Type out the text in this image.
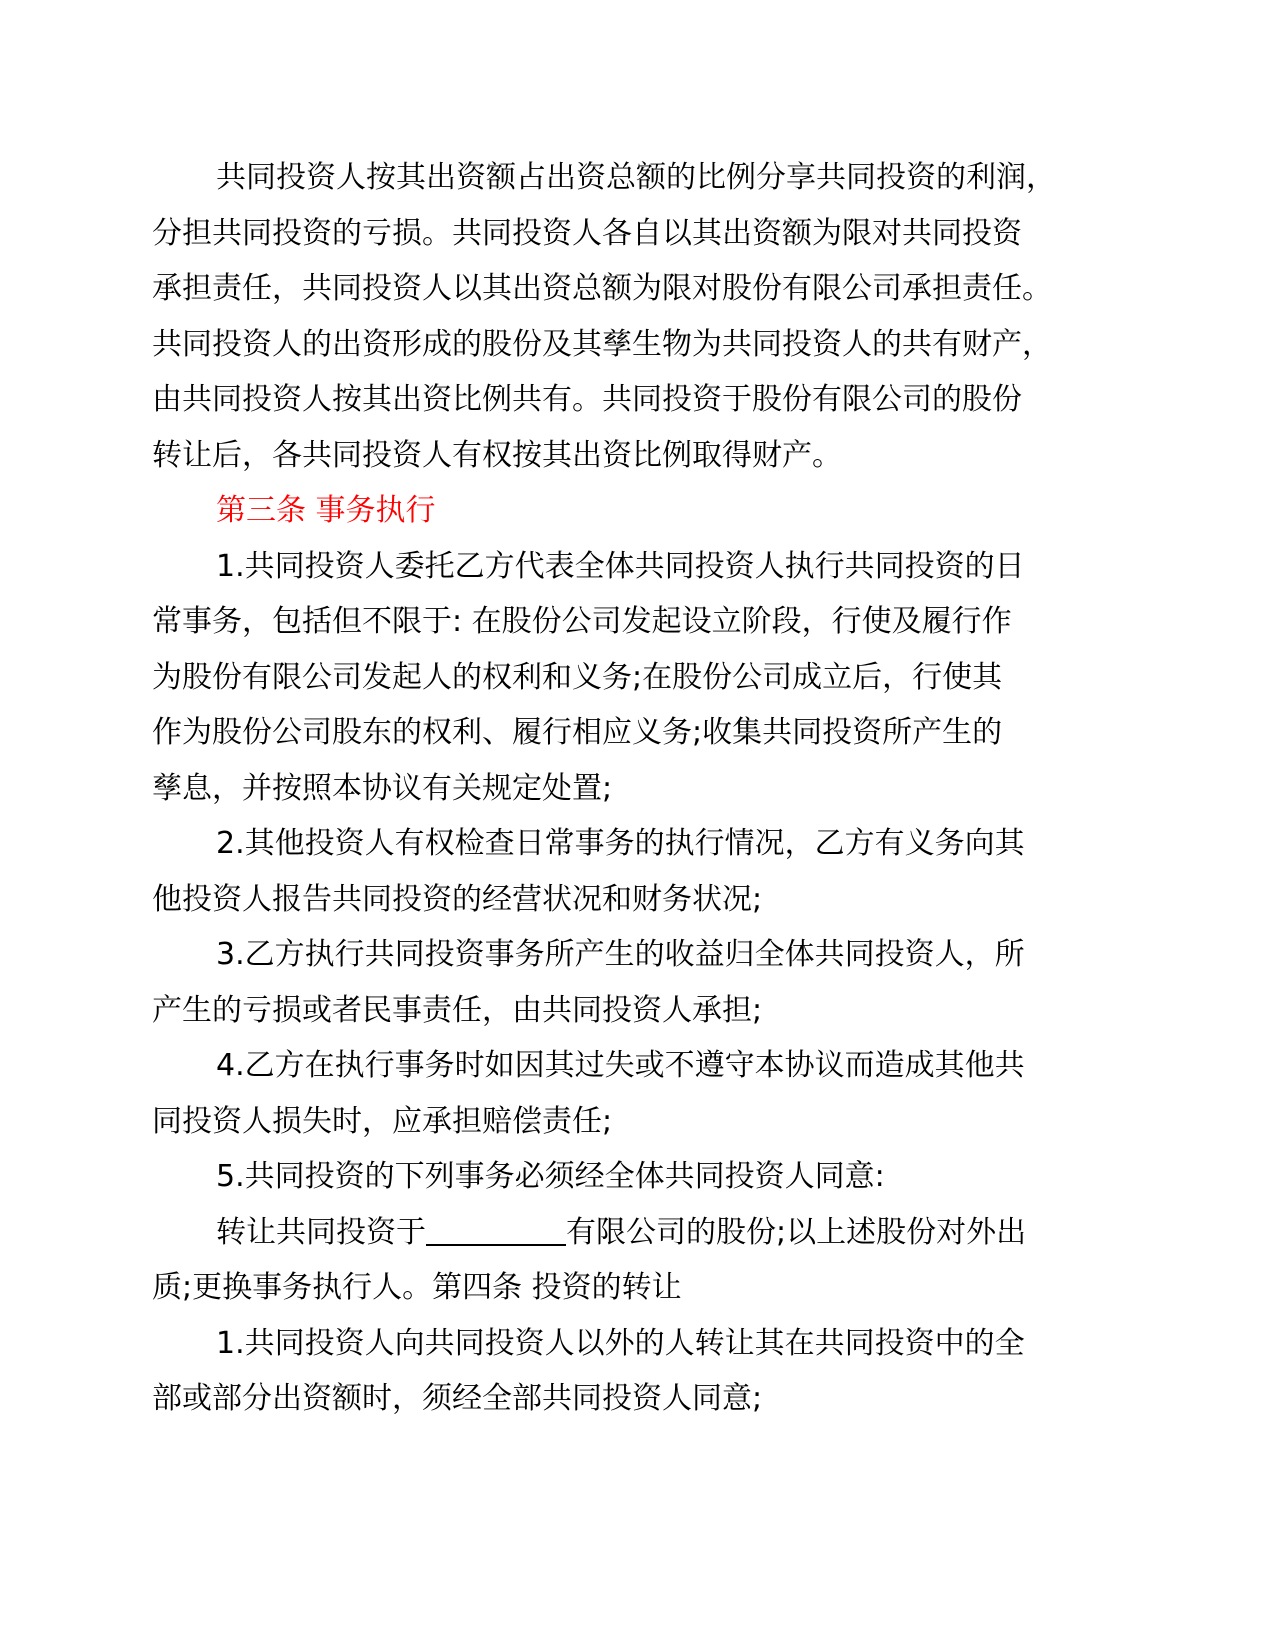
共同投资人按其出资额占出资总额的比例分享共同投资的利润，
分担共同投资的亏损。共同投资人各自以其出资额为限对共同投资
承担责任，共同投资人以其出资总额为限对股份有限公司承担责任。
共同投资人的出资形成的股份及其孳生物为共同投资人的共有财产，
由共同投资人按其出资比例共有。共同投资于股份有限公司的股份
转让后，各共同投资人有权按其出资比例取得财产。
第三条 事务执行
1.共同投资人委托乙方代表全体共同投资人执行共同投资的日
常事务，包括但不限于: 在股份公司发起设立阶段，行使及履行作
为股份有限公司发起人的权利和义务;在股份公司成立后，行使其
作为股份公司股东的权利、履行相应义务;收集共同投资所产生的
孳息，并按照本协议有关规定处置;
2.其他投资人有权检查日常事务的执行情况，乙方有义务向其
他投资人报告共同投资的经营状况和财务状况;
3.乙方执行共同投资事务所产生的收益归全体共同投资人，所
产生的亏损或者民事责任，由共同投资人承担;
4.乙方在执行事务时如因其过失或不遵守本协议而造成其他共
同投资人损失时，应承担赔偿责任;
5.共同投资的下列事务必须经全体共同投资人同意:
转让共同投资于	有限公司的股份;以上述股份对外出
质;更换事务执行人。第四条 投资的转让
1.共同投资人向共同投资人以外的人转让其在共同投资中的全
部或部分出资额时，须经全部共同投资人同意;
